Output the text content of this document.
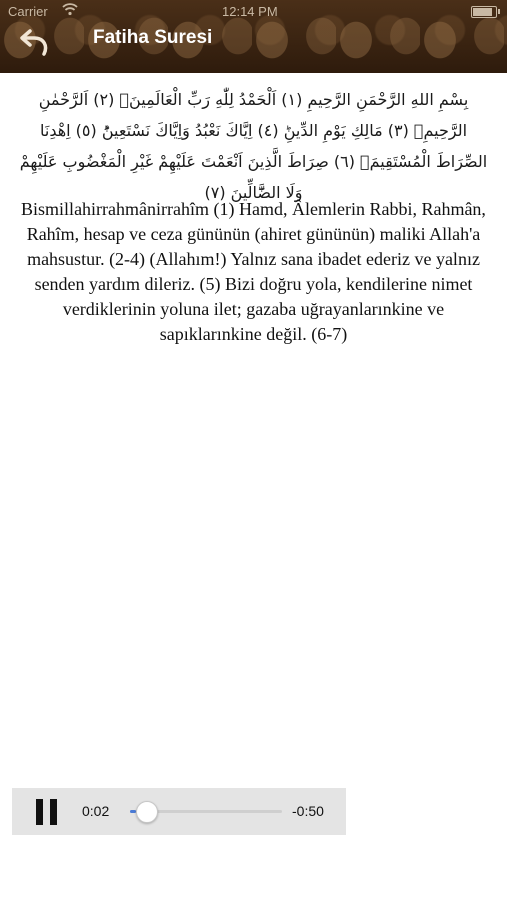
Carrier	12:14 PM
Fatiha Suresi
بِسْمِ اللهِ الرَّحْمَنِ الرَّحِيمِ (١) اَلْحَمْدُ لِلّٰهِ رَبِّ الْعَالَمِينَۙ (٢) اَلرَّحْمٰنِ الرَّحِيمِۙ (٣) مَالِكِ يَوْمِ الدِّينِؕ (٤) اِيَّاكَ نَعْبُدُ وَاِيَّاكَ نَسْتَعِينُؕ (٥) اِهْدِنَا الصِّرَاطَ الْمُسْتَقِيمَۙ (٦) صِرَاطَ الَّذِينَ اَنْعَمْتَ عَلَيْهِمْ غَيْرِ الْمَغْضُوبِ عَلَيْهِمْ وَلَا الضَّٓالِّينَ (٧)
Bismillahirrahmânirrahîm (1) Hamd, Âlemlerin Rabbi, Rahmân, Rahîm, hesap ve ceza gününün (ahiret gününün) maliki Allah'a mahsustur. (2-4) (Allahım!) Yalnız sana ibadet ederiz ve yalnız senden yardım dileriz. (5) Bizi doğru yola, kendilerine nimet verdiklerinin yoluna ilet; gazaba uğrayanlarınkine ve sapıklarınkine değil. (6-7)
0:02	-0:50
